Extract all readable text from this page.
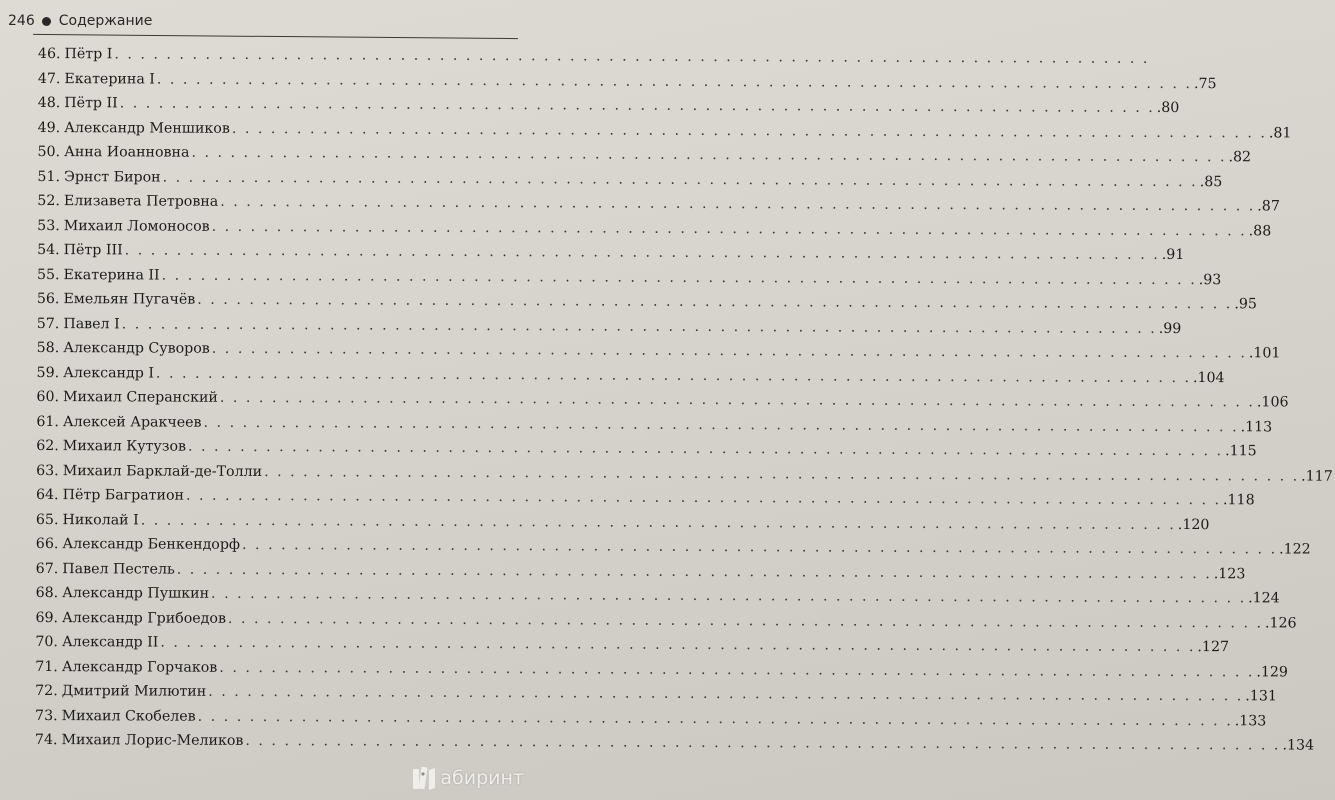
246 Содержание
46. Пётр I . . . . . . . . . . . . . . . . . . . . . . . . . . . . . . . . . . . . . . . . . . . . . . . . . . . . . . . . . . . . . . . . . . . . . . . . . . . . . . . .
47. Екатерина I . . . . . . . . . . . . . . . . . . . . . . . . . . . . . . . . . . . . . . . . . . . . . . . . . . . . . . . . . . . . . . . . . . . . . . . . . . . . . . . . .75
48. Пётр II . . . . . . . . . . . . . . . . . . . . . . . . . . . . . . . . . . . . . . . . . . . . . . . . . . . . . . . . . . . . . . . . . . . . . . . . . . . . . . . . .80
49. Александр Меншиков . . . . . . . . . . . . . . . . . . . . . . . . . . . . . . . . . . . . . . . . . . . . . . . . . . . . . . . . . . . . . . . . . . . . . . . . . . . . . . . . .81
50. Анна Иоанновна . . . . . . . . . . . . . . . . . . . . . . . . . . . . . . . . . . . . . . . . . . . . . . . . . . . . . . . . . . . . . . . . . . . . . . . . . . . . . . . . .82
51. Эрнст Бирон . . . . . . . . . . . . . . . . . . . . . . . . . . . . . . . . . . . . . . . . . . . . . . . . . . . . . . . . . . . . . . . . . . . . . . . . . . . . . . . . .85
52. Елизавета Петровна . . . . . . . . . . . . . . . . . . . . . . . . . . . . . . . . . . . . . . . . . . . . . . . . . . . . . . . . . . . . . . . . . . . . . . . . . . . . . . . . .87
53. Михаил Ломоносов . . . . . . . . . . . . . . . . . . . . . . . . . . . . . . . . . . . . . . . . . . . . . . . . . . . . . . . . . . . . . . . . . . . . . . . . . . . . . . . . .88
54. Пётр III . . . . . . . . . . . . . . . . . . . . . . . . . . . . . . . . . . . . . . . . . . . . . . . . . . . . . . . . . . . . . . . . . . . . . . . . . . . . . . . . .91
55. Екатерина II . . . . . . . . . . . . . . . . . . . . . . . . . . . . . . . . . . . . . . . . . . . . . . . . . . . . . . . . . . . . . . . . . . . . . . . . . . . . . . . . .93
56. Емельян Пугачёв . . . . . . . . . . . . . . . . . . . . . . . . . . . . . . . . . . . . . . . . . . . . . . . . . . . . . . . . . . . . . . . . . . . . . . . . . . . . . . . . .95
57. Павел I . . . . . . . . . . . . . . . . . . . . . . . . . . . . . . . . . . . . . . . . . . . . . . . . . . . . . . . . . . . . . . . . . . . . . . . . . . . . . . . . .99
58. Александр Суворов . . . . . . . . . . . . . . . . . . . . . . . . . . . . . . . . . . . . . . . . . . . . . . . . . . . . . . . . . . . . . . . . . . . . . . . . . . . . . . . . .101
59. Александр I . . . . . . . . . . . . . . . . . . . . . . . . . . . . . . . . . . . . . . . . . . . . . . . . . . . . . . . . . . . . . . . . . . . . . . . . . . . . . . . . .104
60. Михаил Сперанский . . . . . . . . . . . . . . . . . . . . . . . . . . . . . . . . . . . . . . . . . . . . . . . . . . . . . . . . . . . . . . . . . . . . . . . . . . . . . . . . .106
61. Алексей Аракчеев . . . . . . . . . . . . . . . . . . . . . . . . . . . . . . . . . . . . . . . . . . . . . . . . . . . . . . . . . . . . . . . . . . . . . . . . . . . . . . . . .113
62. Михаил Кутузов . . . . . . . . . . . . . . . . . . . . . . . . . . . . . . . . . . . . . . . . . . . . . . . . . . . . . . . . . . . . . . . . . . . . . . . . . . . . . . . . .115
63. Михаил Барклай-де-Толли . . . . . . . . . . . . . . . . . . . . . . . . . . . . . . . . . . . . . . . . . . . . . . . . . . . . . . . . . . . . . . . . . . . . . . . . . . . . . . . . .117
64. Пётр Багратион . . . . . . . . . . . . . . . . . . . . . . . . . . . . . . . . . . . . . . . . . . . . . . . . . . . . . . . . . . . . . . . . . . . . . . . . . . . . . . . . .118
65. Николай I . . . . . . . . . . . . . . . . . . . . . . . . . . . . . . . . . . . . . . . . . . . . . . . . . . . . . . . . . . . . . . . . . . . . . . . . . . . . . . . . .120
66. Александр Бенкендорф . . . . . . . . . . . . . . . . . . . . . . . . . . . . . . . . . . . . . . . . . . . . . . . . . . . . . . . . . . . . . . . . . . . . . . . . . . . . . . . . .122
67. Павел Пестель . . . . . . . . . . . . . . . . . . . . . . . . . . . . . . . . . . . . . . . . . . . . . . . . . . . . . . . . . . . . . . . . . . . . . . . . . . . . . . . . .123
68. Александр Пушкин . . . . . . . . . . . . . . . . . . . . . . . . . . . . . . . . . . . . . . . . . . . . . . . . . . . . . . . . . . . . . . . . . . . . . . . . . . . . . . . . .124
69. Александр Грибоедов . . . . . . . . . . . . . . . . . . . . . . . . . . . . . . . . . . . . . . . . . . . . . . . . . . . . . . . . . . . . . . . . . . . . . . . . . . . . . . . . .126
70. Александр II . . . . . . . . . . . . . . . . . . . . . . . . . . . . . . . . . . . . . . . . . . . . . . . . . . . . . . . . . . . . . . . . . . . . . . . . . . . . . . . . .127
71. Александр Горчаков . . . . . . . . . . . . . . . . . . . . . . . . . . . . . . . . . . . . . . . . . . . . . . . . . . . . . . . . . . . . . . . . . . . . . . . . . . . . . . . . .129
72. Дмитрий Милютин . . . . . . . . . . . . . . . . . . . . . . . . . . . . . . . . . . . . . . . . . . . . . . . . . . . . . . . . . . . . . . . . . . . . . . . . . . . . . . . . .131
73. Михаил Скобелев . . . . . . . . . . . . . . . . . . . . . . . . . . . . . . . . . . . . . . . . . . . . . . . . . . . . . . . . . . . . . . . . . . . . . . . . . . . . . . . . .133
74. Михаил Лорис-Меликов . . . . . . . . . . . . . . . . . . . . . . . . . . . . . . . . . . . . . . . . . . . . . . . . . . . . . . . . . . . . . . . . . . . . . . . . . . . . . . . . .134
абиринт
